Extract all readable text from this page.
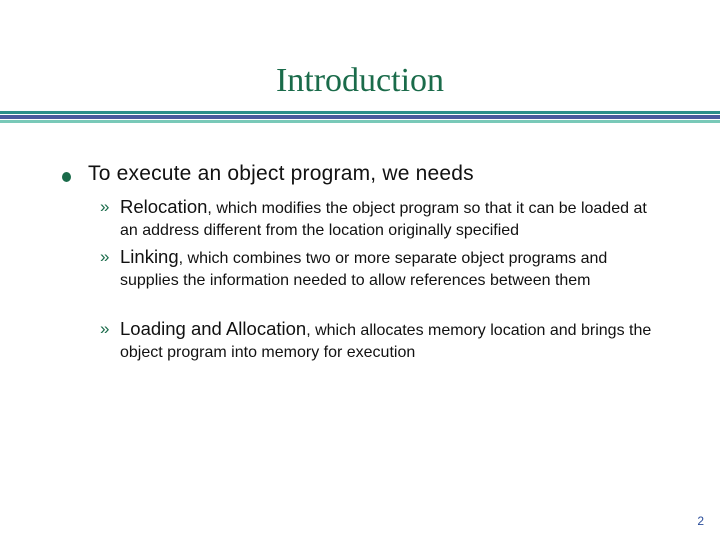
Introduction
To execute an object program, we needs
» Relocation, which modifies the object program so that it can be loaded at an address different from the location originally specified
» Linking, which combines two or more separate object programs and supplies the information needed to allow references between them
» Loading and Allocation, which allocates memory location and brings the object program into memory for execution
2
